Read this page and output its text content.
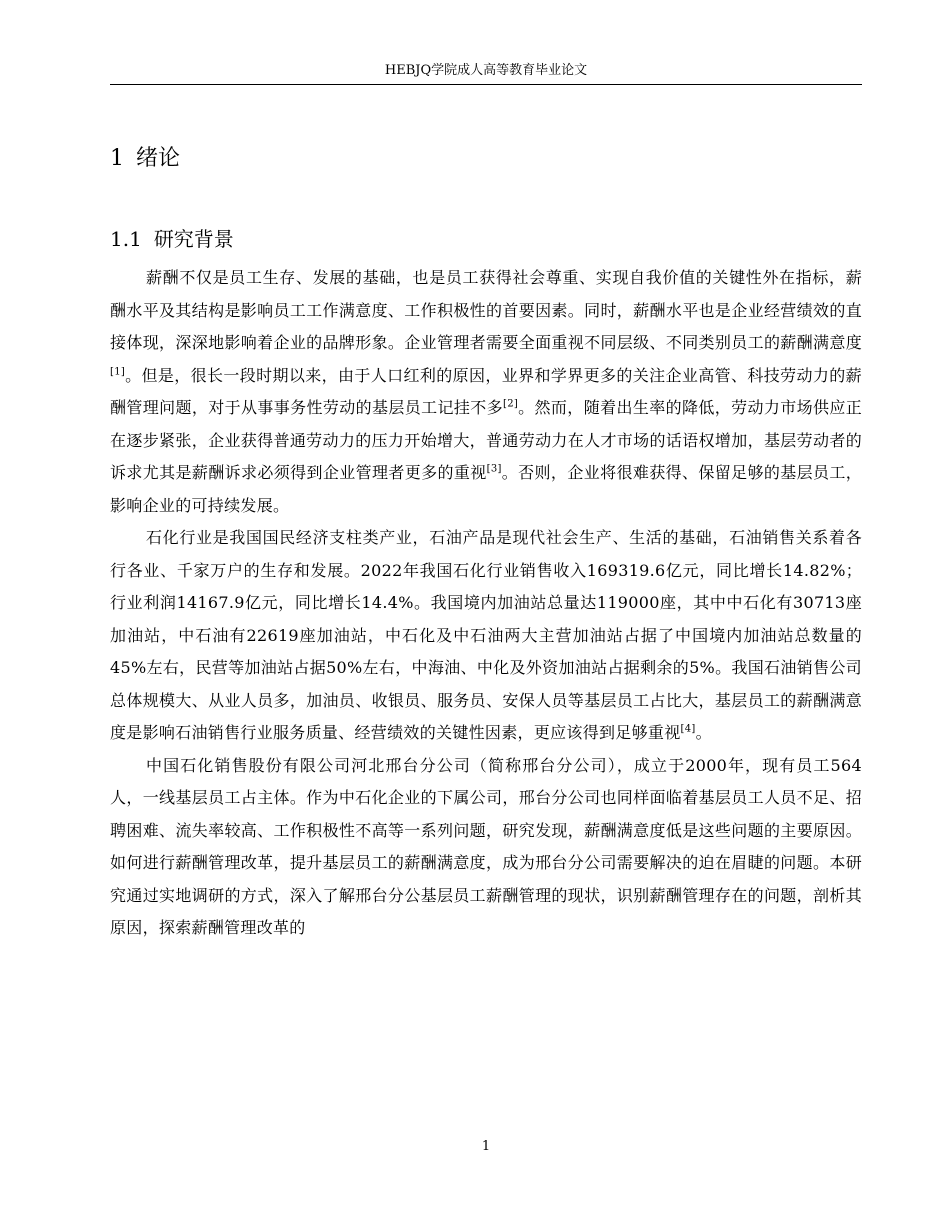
HEBJQ学院成人高等教育毕业论文
1 绪论
1.1 研究背景

薪酬不仅是员工生存、发展的基础，也是员工获得社会尊重、实现自我价值的关键性外在指标，薪酬水平及其结构是影响员工工作满意度、工作积极性的首要因素。同时，薪酬水平也是企业经营绩效的直接体现，深深地影响着企业的品牌形象。企业管理者需要全面重视不同层级、不同类别员工的薪酬满意度[1]。但是，很长一段时期以来，由于人口红利的原因，业界和学界更多的关注企业高管、科技劳动力的薪酬管理问题，对于从事事务性劳动的基层员工记挂不多[2]。然而，随着出生率的降低，劳动力市场供应正在逐步紧张，企业获得普通劳动力的压力开始增大，普通劳动力在人才市场的话语权增加，基层劳动者的诉求尤其是薪酬诉求必须得到企业管理者更多的重视[3]。否则，企业将很难获得、保留足够的基层员工，影响企业的可持续发展。

石化行业是我国国民经济支柱类产业，石油产品是现代社会生产、生活的基础，石油销售关系着各行各业、千家万户的生存和发展。2022年我国石化行业销售收入169319.6亿元，同比增长14.82%；行业利润14167.9亿元，同比增长14.4%。我国境内加油站总量达119000座，其中中石化有30713座加油站，中石油有22619座加油站，中石化及中石油两大主营加油站占据了中国境内加油站总数量的45%左右，民营等加油站占据50%左右，中海油、中化及外资加油站占据剩余的5%。我国石油销售公司总体规模大、从业人员多，加油员、收银员、服务员、安保人员等基层员工占比大，基层员工的薪酬满意度是影响石油销售行业服务质量、经营绩效的关键性因素，更应该得到足够重视[4]。

中国石化销售股份有限公司河北邢台分公司（简称邢台分公司），成立于2000年，现有员工564人，一线基层员工占主体。作为中石化企业的下属公司，邢台分公司也同样面临着基层员工人员不足、招聘困难、流失率较高、工作积极性不高等一系列问题，研究发现，薪酬满意度低是这些问题的主要原因。如何进行薪酬管理改革，提升基层员工的薪酬满意度，成为邢台分公司需要解决的迫在眉睫的问题。本研究通过实地调研的方式，深入了解邢台分公基层员工薪酬管理的现状，识别薪酬管理存在的问题，剖析其原因，探索薪酬管理改革的

1
